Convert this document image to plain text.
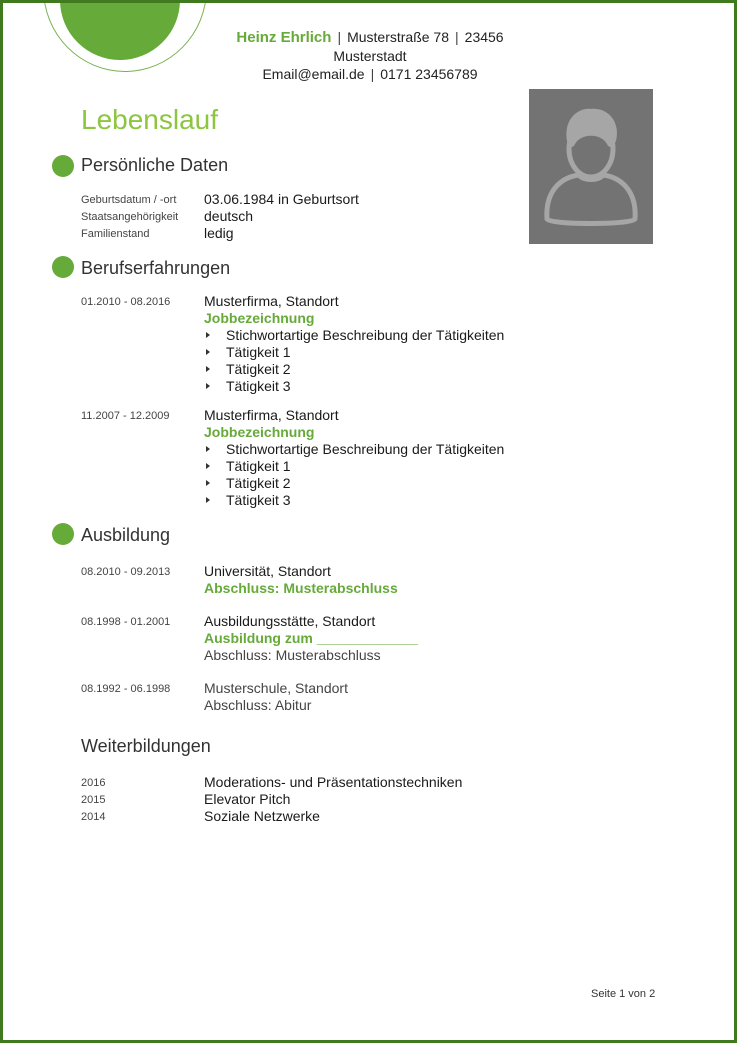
Heinz Ehrlich | Musterstraße 78 | 23456 Musterstadt
Email@email.de | 0171 23456789
Lebenslauf
Persönliche Daten
Geburtsdatum / -ort 03.06.1984 in Geburtsort
Staatsangehörigkeit deutsch
Familienstand	ledig
Berufserfahrungen
01.2010 - 08.2016 Musterfirma, Standort
Jobbezeichnung
Stichwortartige Beschreibung der Tätigkeiten
Tätigkeit 1
Tätigkeit 2
Tätigkeit 3
11.2007 - 12.2009 Musterfirma, Standort
Jobbezeichnung
Stichwortartige Beschreibung der Tätigkeiten
Tätigkeit 1
Tätigkeit 2
Tätigkeit 3
Ausbildung
08.2010 - 09.2013 Universität, Standort
Abschluss: Musterabschluss
08.1998 - 01.2001 Ausbildungsstätte, Standort
Ausbildung zum _____________
Abschluss: Musterabschluss
08.1992 - 06.1998 Musterschule, Standort
Abschluss: Abitur
Weiterbildungen
2016	Moderations- und Präsentationstechniken
2015	Elevator Pitch
2014	Soziale Netzwerke
Seite 1 von 2
